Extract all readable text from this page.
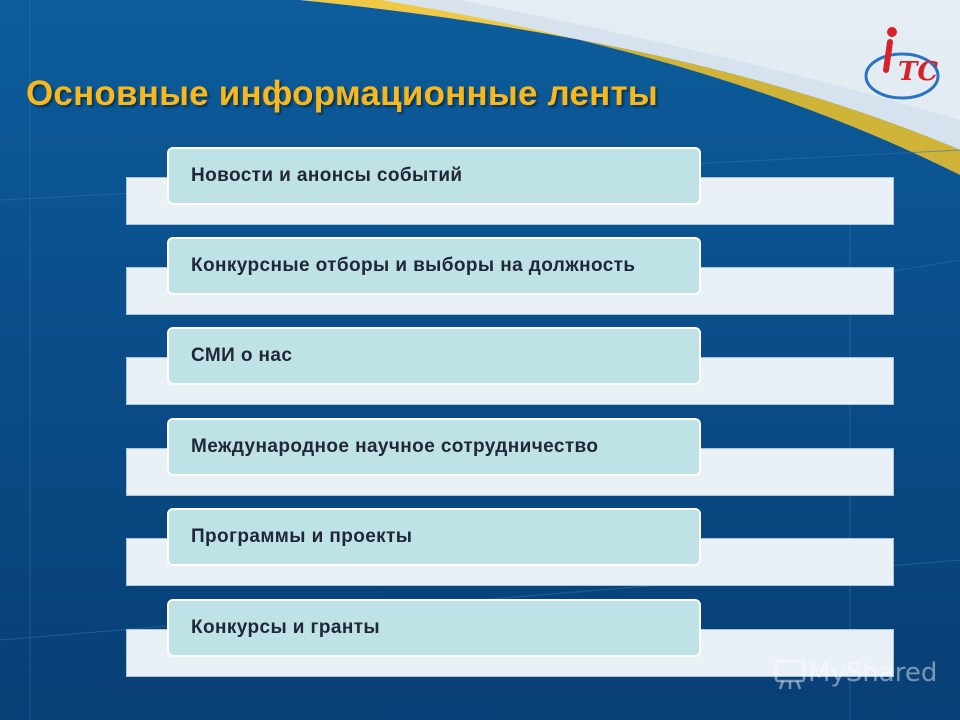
TC
Основные информационные ленты
Новости и анонсы событий
Конкурсные отборы и выборы на должность
СМИ о нас
Международное научное сотрудничество
Программы и проекты
Конкурсы и гранты
MyShared
